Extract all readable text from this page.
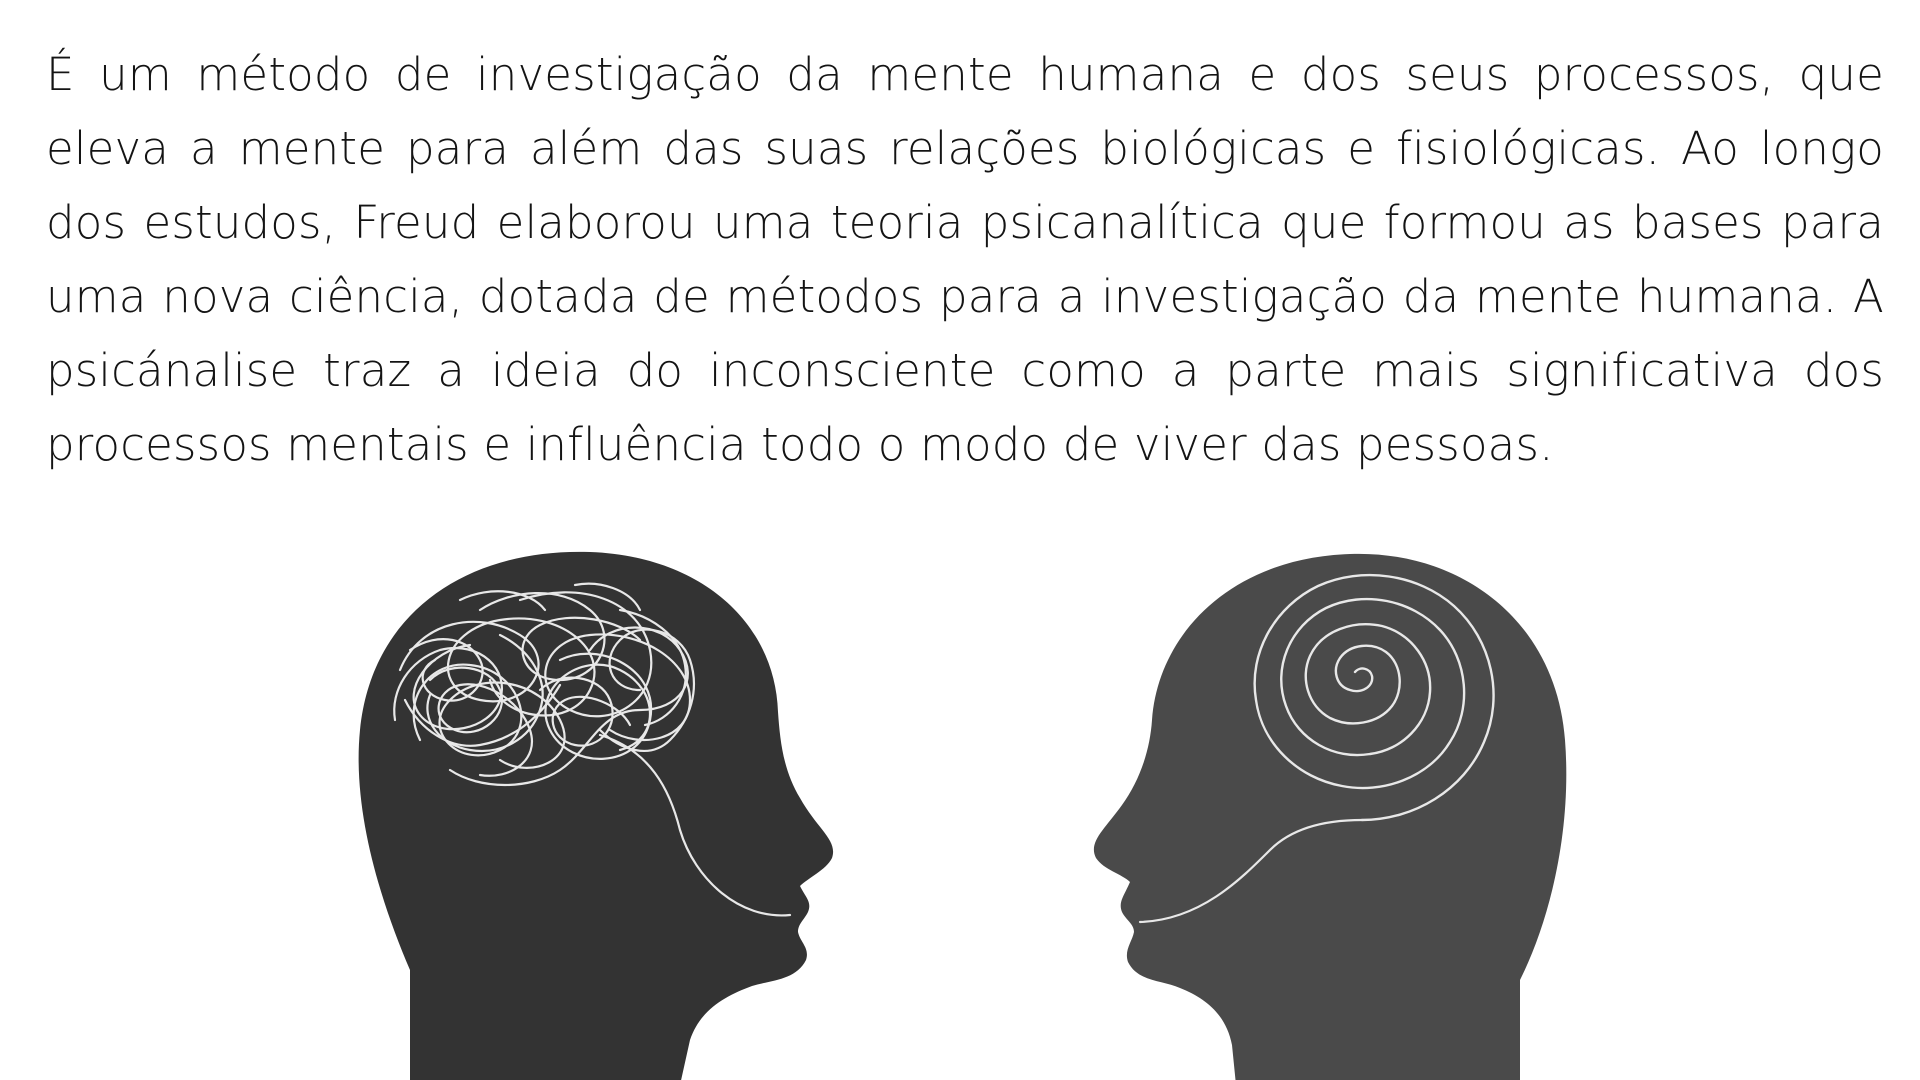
É um método de investigação da mente humana e dos seus processos, que eleva a mente para além das suas relações biológicas e fisiológicas. Ao longo dos estudos, Freud elaborou uma teoria psicanalítica que formou as bases para uma nova ciência, dotada de métodos para a investigação da mente humana. A psicánalise traz a ideia do inconsciente como a parte mais significativa dos processos mentais e influência todo o modo de viver das pessoas.
